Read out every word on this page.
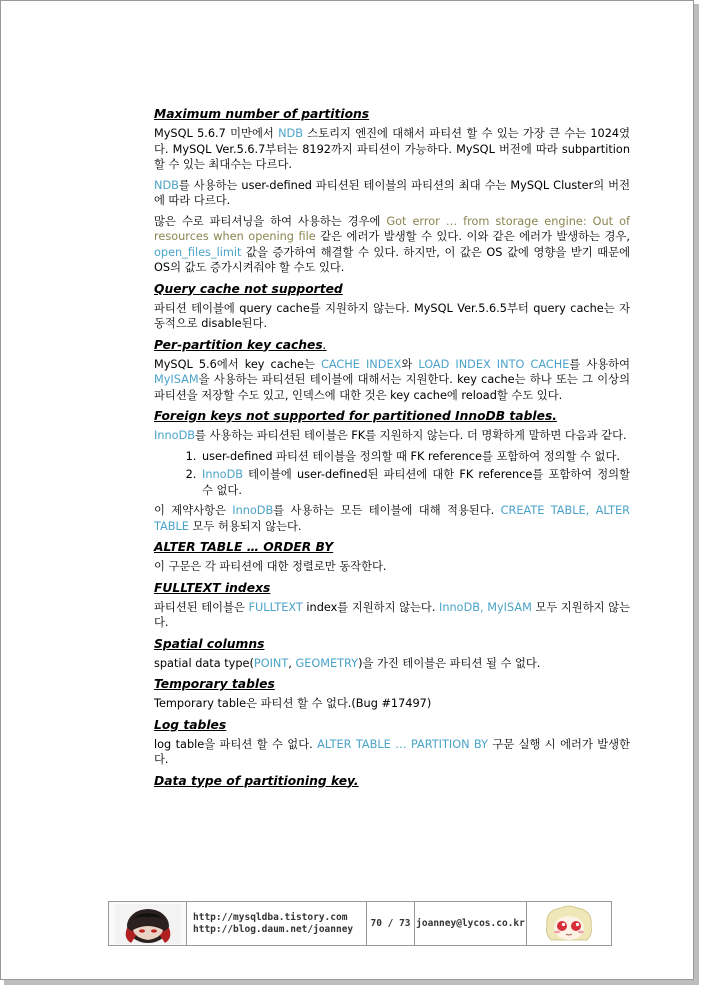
Maximum number of partitions

MySQL 5.6.7 미만에서 NDB 스토리지 엔진에 대해서 파티션 할 수 있는 가장 큰 수는 1024였다. MySQL Ver.5.6.7부터는 8192까지 파티션이 가능하다. MySQL 버전에 따라 subpartition할 수 있는 최대수는 다르다.

NDB를 사용하는 user-defined 파티션된 테이블의 파티션의 최대 수는 MySQL Cluster의 버전에 따라 다르다.

많은 수로 파티셔닝을 하여 사용하는 경우에 Got error … from storage engine: Out of resources when opening file 같은 에러가 발생할 수 있다. 이와 같은 에러가 발생하는 경우, open_files_limit 값을 증가하여 해결할 수 있다. 하지만, 이 값은 OS 값에 영향을 받기 때문에 OS의 값도 증가시켜줘야 할 수도 있다.

Query cache not supported

파티션 테이블에 query cache를 지원하지 않는다. MySQL Ver.5.6.5부터 query cache는 자동적으로 disable된다.

Per-partition key caches.

MySQL 5.6에서 key cache는 CACHE INDEX와 LOAD INDEX INTO CACHE를 사용하여 MyISAM을 사용하는 파티션된 테이블에 대해서는 지원한다. key cache는 하나 또는 그 이상의 파티션을 저장할 수도 있고, 인덱스에 대한 것은 key cache에 reload할 수도 있다.

Foreign keys not supported for partitioned InnoDB tables.

InnoDB를 사용하는 파티션된 테이블은 FK를 지원하지 않는다. 더 명확하게 말하면 다음과 같다.

1. user-defined 파티션 테이블을 정의할 때 FK reference를 포함하여 정의할 수 없다.
2. InnoDB 테이블에 user-defined된 파티션에 대한 FK reference를 포함하여 정의할 수 없다.

이 제약사항은 InnoDB를 사용하는 모든 테이블에 대해 적용된다. CREATE TABLE, ALTER TABLE 모두 허용되지 않는다.

ALTER TABLE … ORDER BY

이 구문은 각 파티션에 대한 정렬로만 동작한다.

FULLTEXT indexs

파티션된 테이블은 FULLTEXT index를 지원하지 않는다. InnoDB, MyISAM 모두 지원하지 않는다.

Spatial columns

spatial data type(POINT, GEOMETRY)을 가진 테이블은 파티션 될 수 없다.

Temporary tables

Temporary table은 파티션 할 수 없다.(Bug #17497)

Log tables

log table을 파티션 할 수 없다. ALTER TABLE … PARTITION BY 구문 실행 시 에러가 발생한다.

Data type of partitioning key.
http://mysqldba.tistory.com
http://blog.daum.net/joanney	70 / 73 joanney@lycos.co.kr
